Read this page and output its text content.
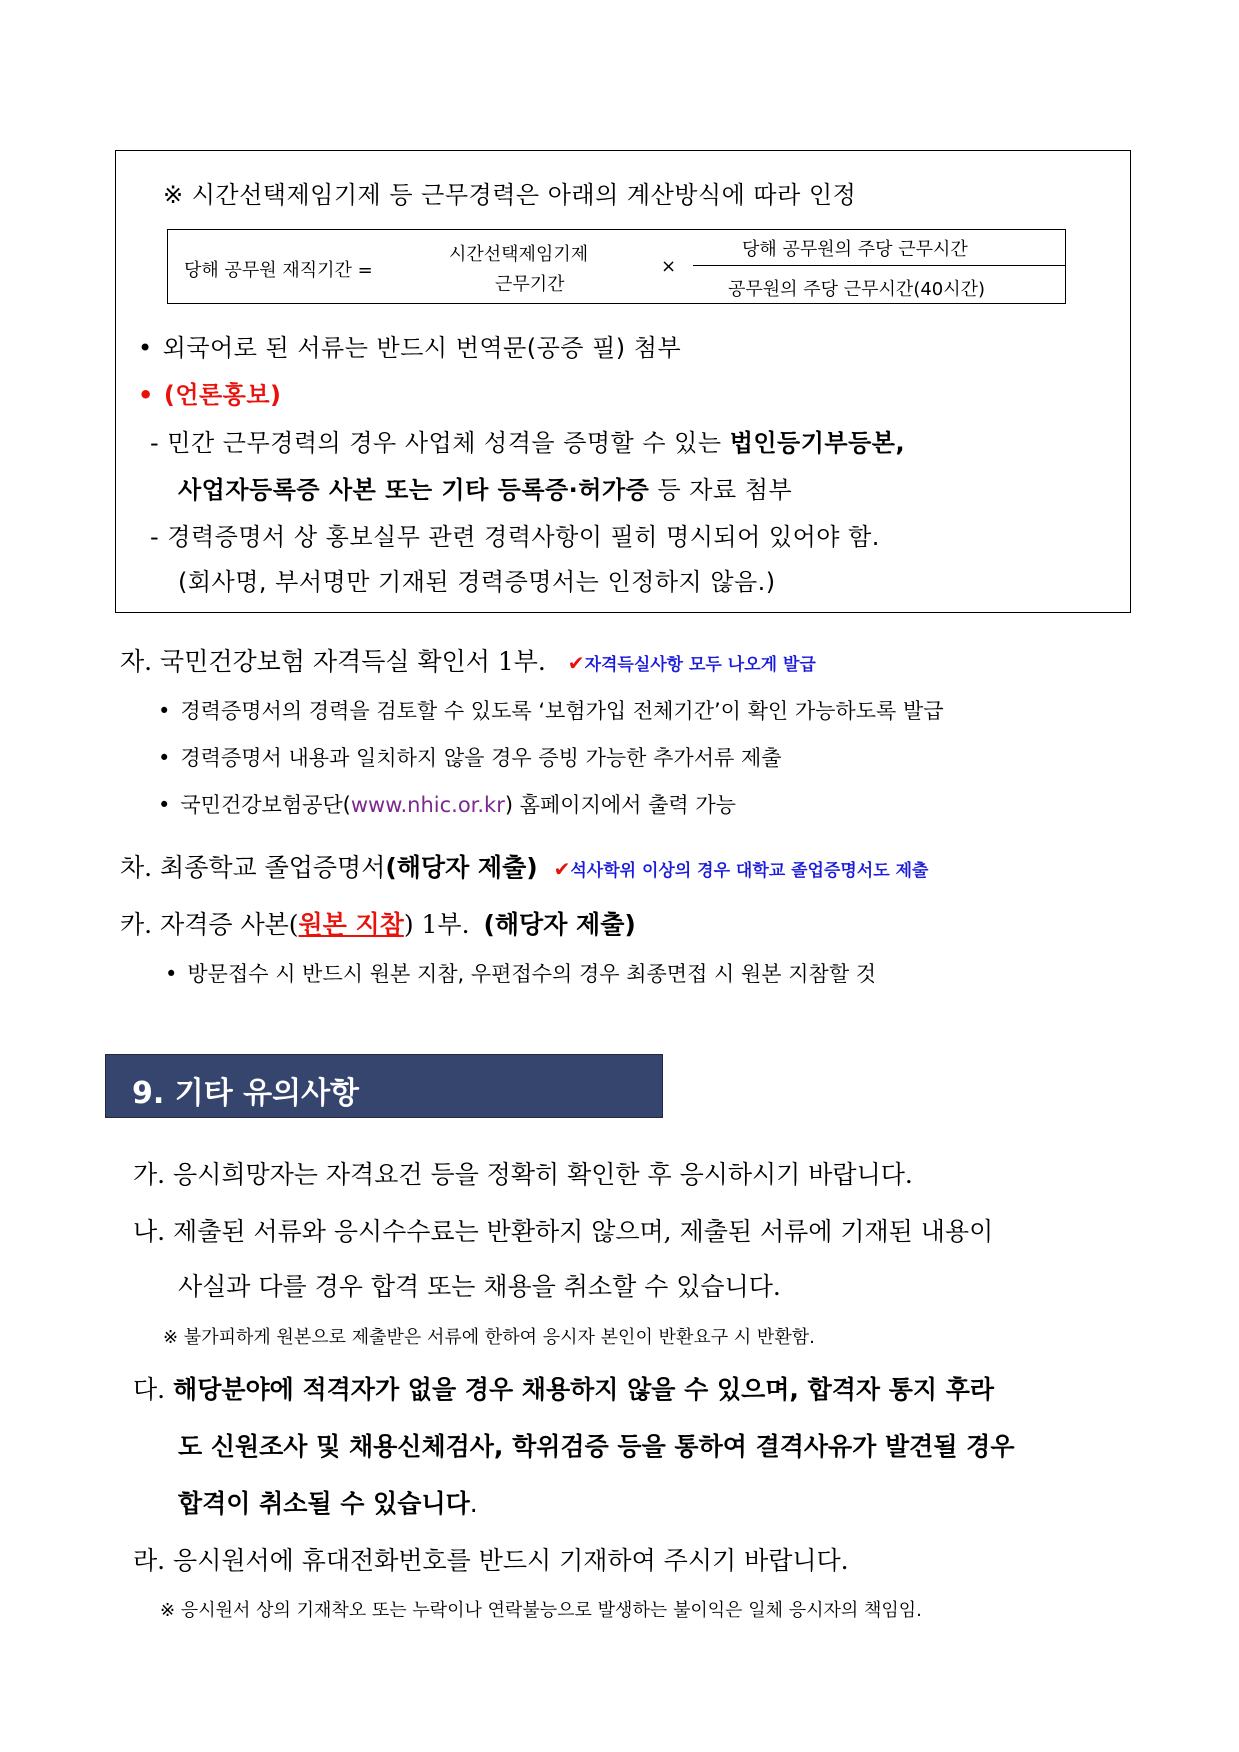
※ 시간선택제임기제 등 근무경력은 아래의 계산방식에 따라 인정
당해 공무원 재직기간 =
시간선택제임기제
근무기간
×
당해 공무원의 주당 근무시간
공무원의 주당 근무시간(40시간)
• 외국어로 된 서류는 반드시 번역문(공증 필) 첨부
• (언론홍보)
- 민간 근무경력의 경우 사업체 성격을 증명할 수 있는 법인등기부등본,
사업자등록증 사본 또는 기타 등록증·허가증 등 자료 첨부
- 경력증명서 상 홍보실무 관련 경력사항이 필히 명시되어 있어야 함.
(회사명, 부서명만 기재된 경력증명서는 인정하지 않음.)
자. 국민건강보험 자격득실 확인서 1부. ✔자격득실사항 모두 나오게 발급
• 경력증명서의 경력을 검토할 수 있도록 ‘보험가입 전체기간’이 확인 가능하도록 발급
• 경력증명서 내용과 일치하지 않을 경우 증빙 가능한 추가서류 제출
• 국민건강보험공단(www.nhic.or.kr) 홈페이지에서 출력 가능
차. 최종학교 졸업증명서(해당자 제출) ✔석사학위 이상의 경우 대학교 졸업증명서도 제출
카. 자격증 사본(원본 지참) 1부. (해당자 제출)
• 방문접수 시 반드시 원본 지참, 우편접수의 경우 최종면접 시 원본 지참할 것
9. 기타 유의사항
가. 응시희망자는 자격요건 등을 정확히 확인한 후 응시하시기 바랍니다.
나. 제출된 서류와 응시수수료는 반환하지 않으며, 제출된 서류에 기재된 내용이
사실과 다를 경우 합격 또는 채용을 취소할 수 있습니다.
※ 불가피하게 원본으로 제출받은 서류에 한하여 응시자 본인이 반환요구 시 반환함.
다. 해당분야에 적격자가 없을 경우 채용하지 않을 수 있으며, 합격자 통지 후라
도 신원조사 및 채용신체검사, 학위검증 등을 통하여 결격사유가 발견될 경우
합격이 취소될 수 있습니다.
라. 응시원서에 휴대전화번호를 반드시 기재하여 주시기 바랍니다.
※ 응시원서 상의 기재착오 또는 누락이나 연락불능으로 발생하는 불이익은 일체 응시자의 책임임.
